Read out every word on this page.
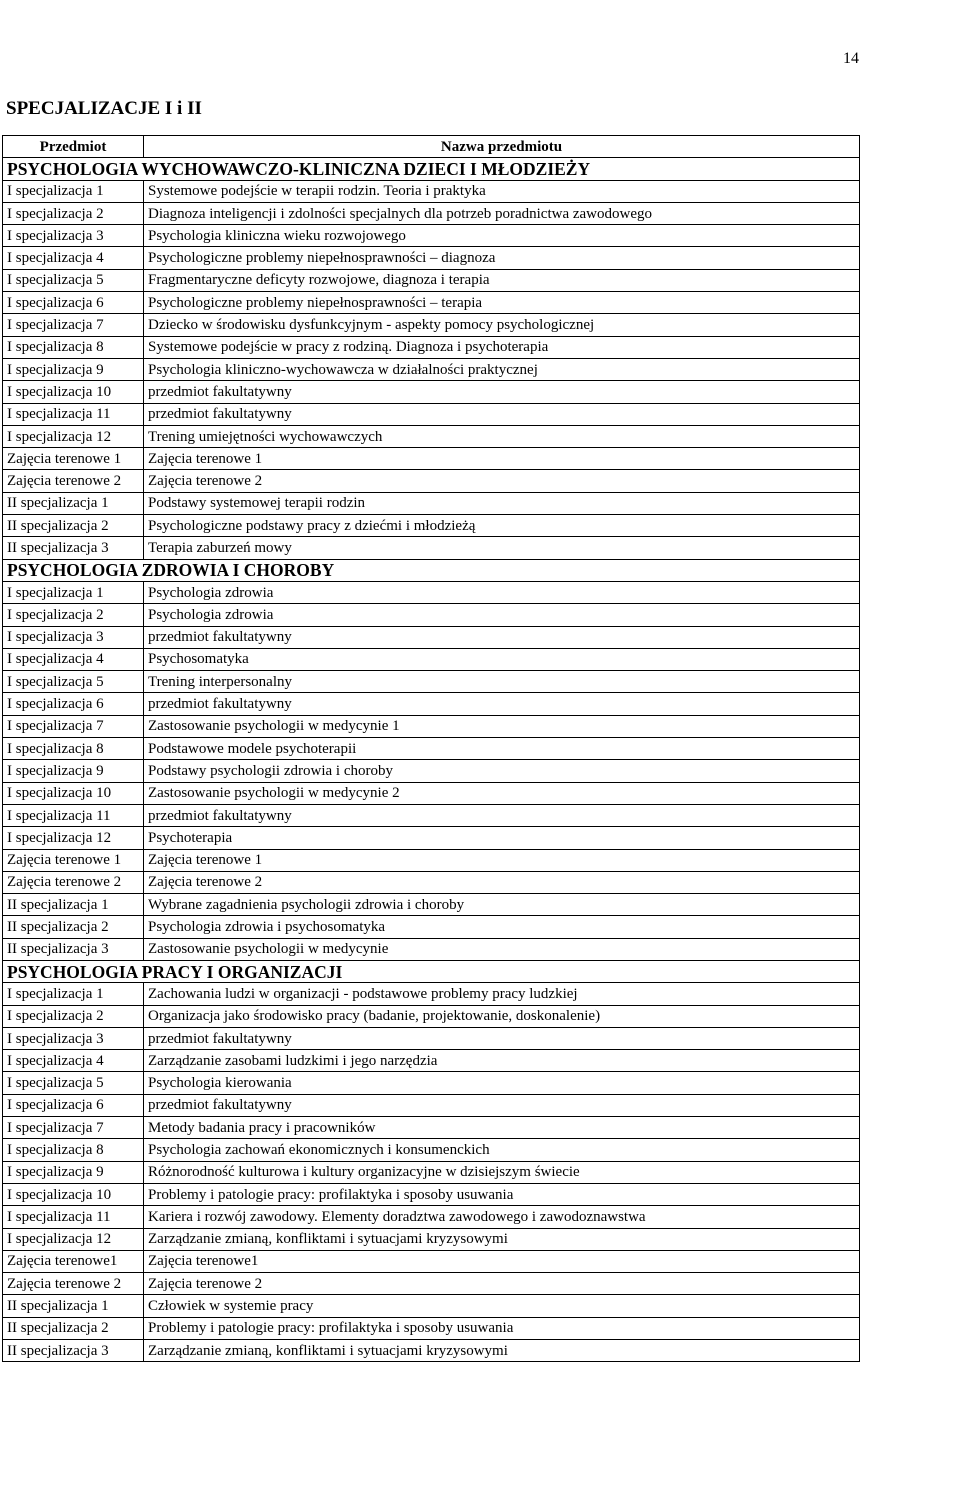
14
SPECJALIZACJE I i II
Przedmiot	Nazwa przedmiotu
PSYCHOLOGIA WYCHOWAWCZO-KLINICZNA DZIECI I MŁODZIEŻY	
I specjalizacja 1	Systemowe podejście w terapii rodzin. Teoria i praktyka
I specjalizacja 2	Diagnoza inteligencji i zdolności specjalnych dla potrzeb poradnictwa zawodowego
I specjalizacja 3	Psychologia kliniczna wieku rozwojowego
I specjalizacja 4	Psychologiczne problemy niepełnosprawności – diagnoza
I specjalizacja 5	Fragmentaryczne deficyty rozwojowe, diagnoza i terapia
I specjalizacja 6	Psychologiczne problemy niepełnosprawności – terapia
I specjalizacja 7	Dziecko w środowisku dysfunkcyjnym - aspekty pomocy psychologicznej
I specjalizacja 8	Systemowe podejście w pracy z rodziną. Diagnoza i psychoterapia
I specjalizacja 9	Psychologia kliniczno-wychowawcza w działalności praktycznej
I specjalizacja 10	przedmiot fakultatywny
I specjalizacja 11	przedmiot fakultatywny
I specjalizacja 12	Trening umiejętności wychowawczych
Zajęcia terenowe 1	Zajęcia terenowe 1
Zajęcia terenowe 2	Zajęcia terenowe 2
II specjalizacja 1	Podstawy systemowej terapii rodzin
II specjalizacja 2	Psychologiczne podstawy pracy z dziećmi i młodzieżą
II specjalizacja 3	Terapia zaburzeń mowy
PSYCHOLOGIA ZDROWIA I CHOROBY	
I specjalizacja 1	Psychologia zdrowia
I specjalizacja 2	Psychologia zdrowia
I specjalizacja 3	przedmiot fakultatywny
I specjalizacja 4	Psychosomatyka
I specjalizacja 5	Trening interpersonalny
I specjalizacja 6	przedmiot fakultatywny
I specjalizacja 7	Zastosowanie psychologii w medycynie 1
I specjalizacja 8	Podstawowe modele psychoterapii
I specjalizacja 9	Podstawy psychologii zdrowia i choroby
I specjalizacja 10	Zastosowanie psychologii w medycynie 2
I specjalizacja 11	przedmiot fakultatywny
I specjalizacja 12	Psychoterapia
Zajęcia terenowe 1	Zajęcia terenowe 1
Zajęcia terenowe 2	Zajęcia terenowe 2
II specjalizacja 1	Wybrane zagadnienia psychologii zdrowia i choroby
II specjalizacja 2	Psychologia zdrowia i psychosomatyka
II specjalizacja 3	Zastosowanie psychologii w medycynie
PSYCHOLOGIA PRACY I ORGANIZACJI	
I specjalizacja 1	Zachowania ludzi w organizacji - podstawowe problemy pracy ludzkiej
I specjalizacja 2	Organizacja jako środowisko pracy (badanie, projektowanie, doskonalenie)
I specjalizacja 3	przedmiot fakultatywny
I specjalizacja 4	Zarządzanie zasobami ludzkimi i jego narzędzia
I specjalizacja 5	Psychologia kierowania
I specjalizacja 6	przedmiot fakultatywny
I specjalizacja 7	Metody badania pracy i pracowników
I specjalizacja 8	Psychologia zachowań ekonomicznych i konsumenckich
I specjalizacja 9	Różnorodność kulturowa i kultury organizacyjne w dzisiejszym świecie
I specjalizacja 10	Problemy i patologie pracy: profilaktyka i sposoby usuwania
I specjalizacja 11	Kariera i rozwój zawodowy. Elementy doradztwa zawodowego i zawodoznawstwa
I specjalizacja 12	Zarządzanie zmianą, konfliktami i sytuacjami kryzysowymi
Zajęcia terenowe1	Zajęcia terenowe1
Zajęcia terenowe 2	Zajęcia terenowe 2
II specjalizacja 1	Człowiek w systemie pracy
II specjalizacja 2	Problemy i patologie pracy: profilaktyka i sposoby usuwania
II specjalizacja 3	Zarządzanie zmianą, konfliktami i sytuacjami kryzysowymi
